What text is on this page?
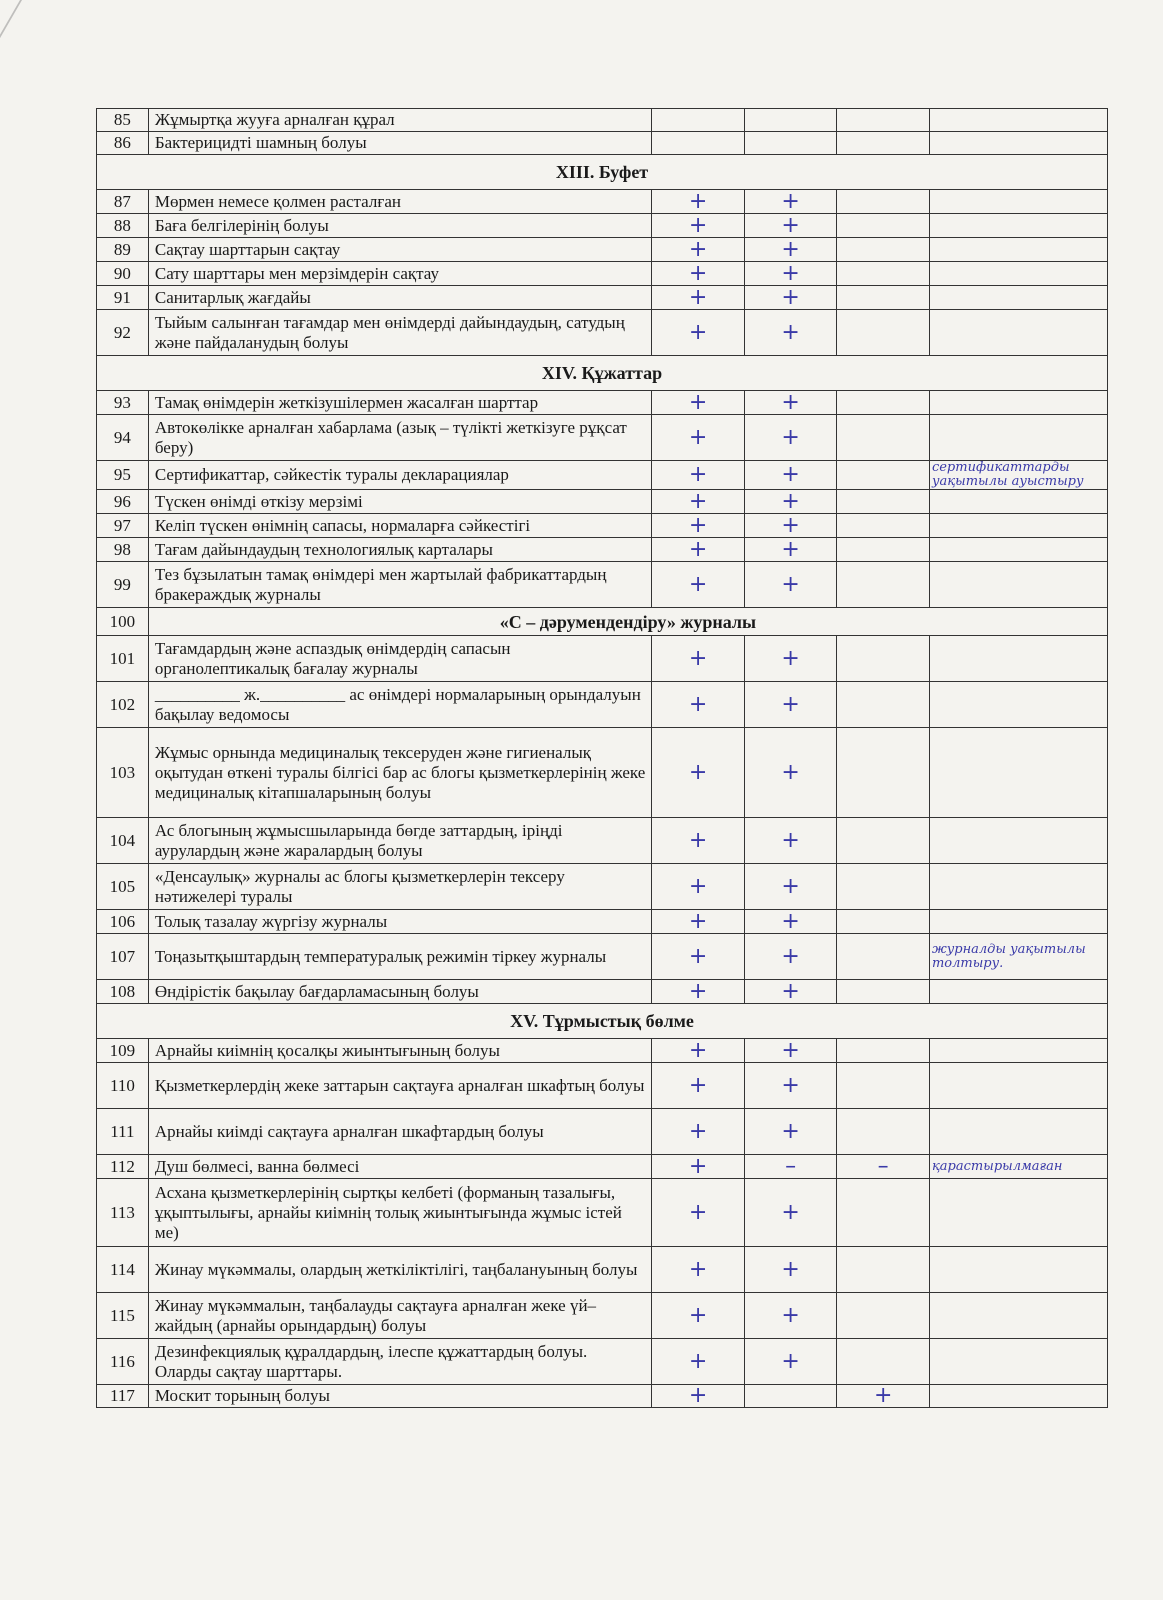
85	Жұмыртқа жууға арналған құрал				

86	Бактерицидті шамның болуы				

XIII. Буфет					
87	Мөрмен немесе қолмен расталған	+	+		

88	Баға белгілерінің болуы	+	+		

89	Сақтау шарттарын сақтау	+	+		

90	Сату шарттары мен мерзімдерін сақтау	+	+		

91	Санитарлық жағдайы	+	+		

92	Тыйым салынған тағамдар мен өнімдерді дайындаудың, сатудың және пайдаланудың болуы	+	+		

XIV. Құжаттар					
93	Тамақ өнімдерін жеткізушілермен жасалған шарттар	+	+		

94	Автокөлікке арналған хабарлама (азық – түлікті жеткізуге рұқсат беру)	+	+		

95	Сертификаттар, сәйкестік туралы декларациялар	+	+		сертификаттарды уақытылы ауыстыру

96	Түскен өнімді өткізу мерзімі	+	+		

97	Келіп түскен өнімнің сапасы, нормаларға сәйкестігі	+	+		

98	Тағам дайындаудың технологиялық карталары	+	+		

99	Тез бұзылатын тамақ өнімдері мен жартылай фабрикаттардың бракераждық журналы	+	+		

100	«С – дәрумендендіру» журналы				
101	Тағамдардың және аспаздық өнімдердің сапасын органолептикалық бағалау журналы	+	+		

102	__________ ж.__________ ас өнімдері нормаларының орындалуын бақылау ведомосы	+	+		

103	Жұмыс орнында медициналық тексеруден және гигиеналық оқытудан өткені туралы білгісі бар ас блогы қызметкерлерінің жеке медициналық кітапшаларының болуы	+	+		

104	Ас блогының жұмысшыларында бөгде заттардың, іріңді аурулардың және жаралардың болуы	+	+		

105	«Денсаулық» журналы ас блогы қызметкерлерін тексеру нәтижелері туралы	+	+		

106	Толық тазалау жүргізу журналы	+	+		

107	Тоңазытқыштардың температуралық режимін тіркеу журналы	+	+		журналды уақытылы толтыру.

108	Өндірістік бақылау бағдарламасының болуы	+	+		

XV. Тұрмыстық бөлме					
109	Арнайы киімнің қосалқы жиынтығының болуы	+	+		

110	Қызметкерлердің жеке заттарын сақтауға арналған шкафтың болуы	+	+		

111	Арнайы киімді сақтауға арналған шкафтардың болуы	+	+		

112	Душ бөлмесі, ванна бөлмесі	+	–	–	қарастырылмаған

113	Асхана қызметкерлерінің сыртқы келбеті (форманың тазалығы, ұқыптылығы, арнайы киімнің толық жиынтығында жұмыс істей ме)	+	+		

114	Жинау мүкәммалы, олардың жеткіліктілігі, таңбалануының болуы	+	+		

115	Жинау мүкәммалын, таңбалауды сақтауға арналған жеке үй–жайдың (арнайы орындардың) болуы	+	+		

116	Дезинфекциялық құралдардың, ілеспе құжаттардың болуы. Оларды сақтау шарттары.	+	+		

117	Москит торының болуы	+		+	
